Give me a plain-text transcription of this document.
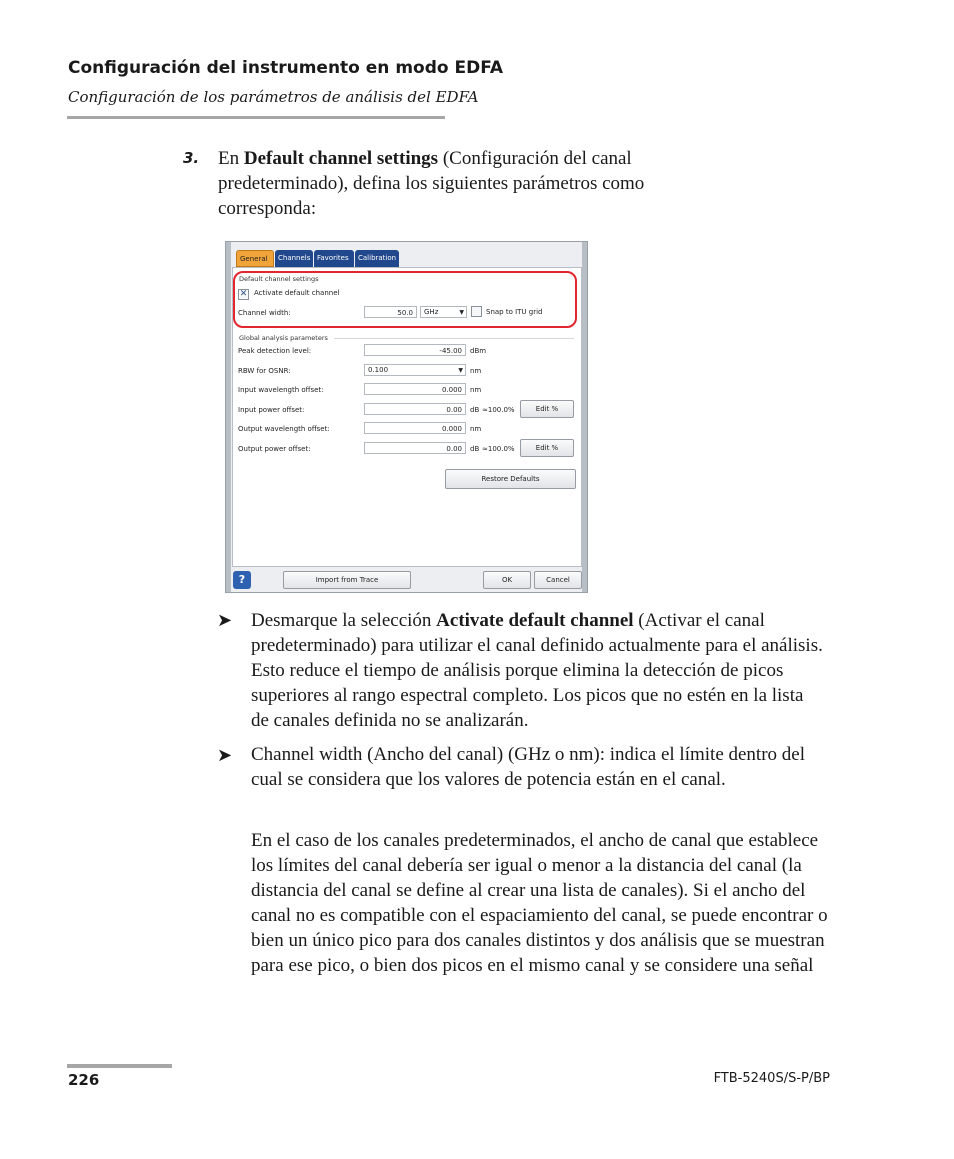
Configuración del instrumento en modo EDFA
Configuración de los parámetros de análisis del EDFA
3. En Default channel settings (Configuración del canal predeterminado), defina los siguientes parámetros como corresponda:
General	Channels Favorites	Calibration
Default channel settings
✕ Activate default channel
Channel width:	50.0	GHz	▼	Snap to ITU grid
Global analysis parameters
Peak detection level:	-45.00	dBm
RBW for OSNR:	0.100	▼ nm
Input wavelength offset:	0.000	nm
Input power offset:	0.00	dB ≈100.0%	Edit %
Output wavelength offset:	0.000	nm
Output power offset:	0.00	dB ≈100.0%	Edit %
Restore Defaults
?	Import from Trace	OK	Cancel
➤ Desmarque la selección Activate default channel (Activar el canal predeterminado) para utilizar el canal definido actualmente para el análisis. Esto reduce el tiempo de análisis porque elimina la detección de picos superiores al rango espectral completo. Los picos que no estén en la lista de canales definida no se analizarán.
➤ Channel width (Ancho del canal) (GHz o nm): indica el límite dentro del cual se considera que los valores de potencia están en el canal.
En el caso de los canales predeterminados, el ancho de canal que establece los límites del canal debería ser igual o menor a la distancia del canal (la distancia del canal se define al crear una lista de canales). Si el ancho del canal no es compatible con el espaciamiento del canal, se puede encontrar o bien un único pico para dos canales distintos y dos análisis que se muestran para ese pico, o bien dos picos en el mismo canal y se considere una señal
226	FTB-5240S/S-P/BP
